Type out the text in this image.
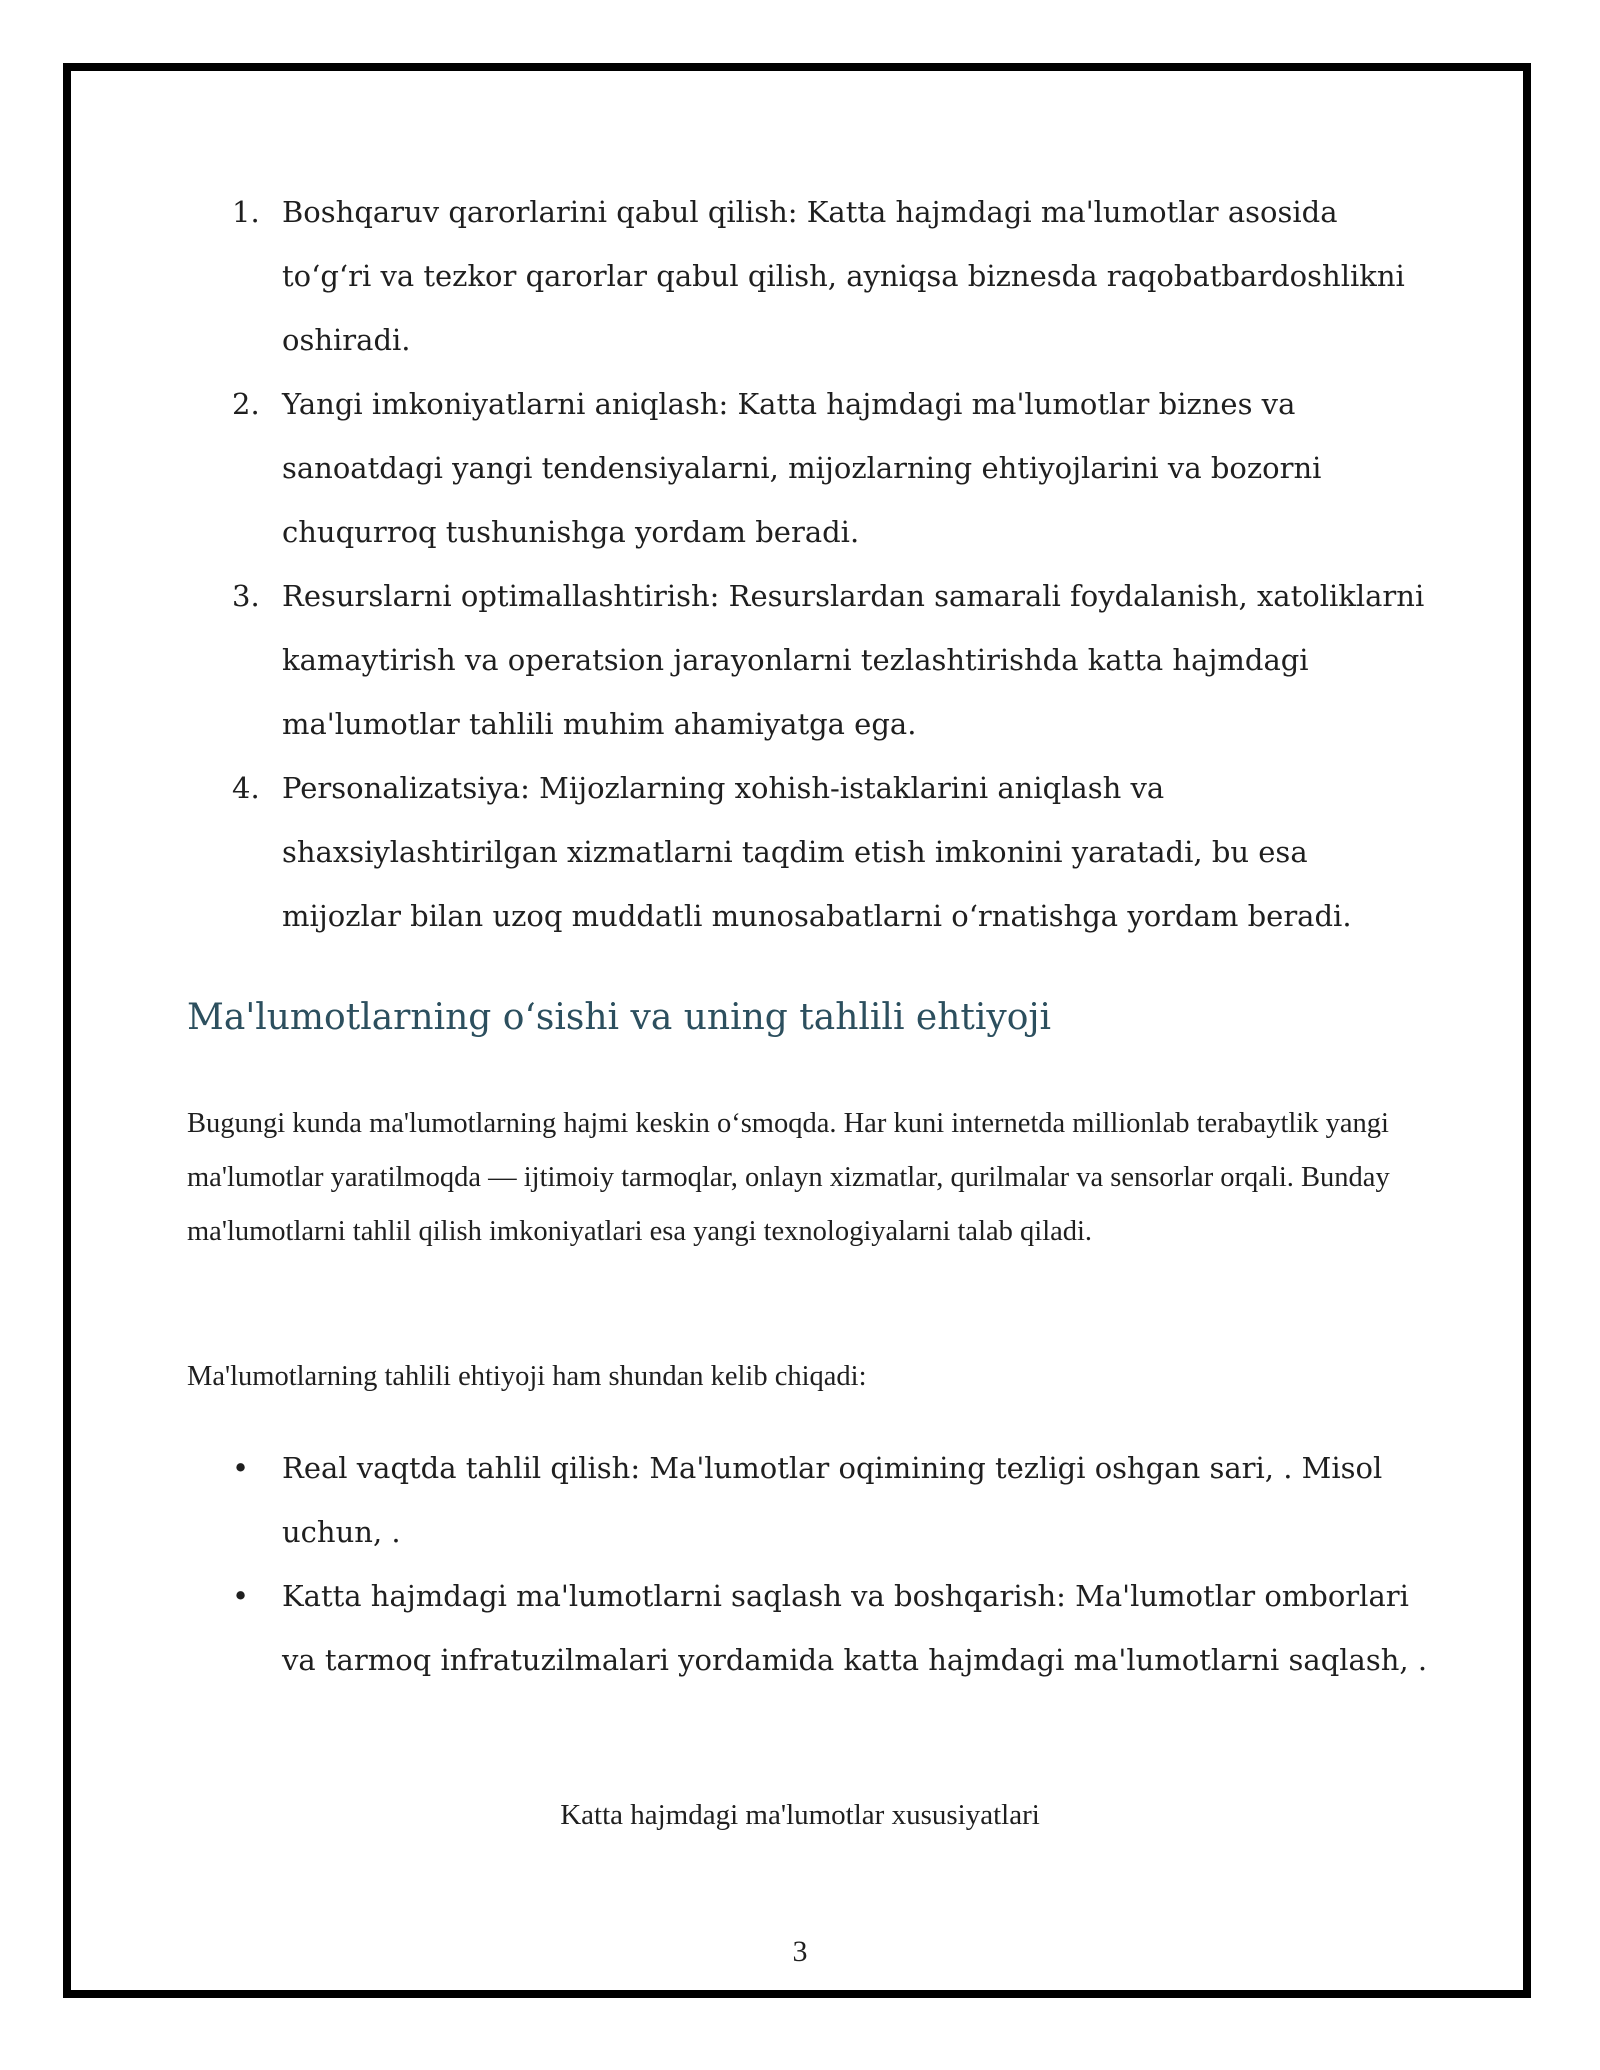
1. Boshqaruv qarorlarini qabul qilish: Katta hajmdagi ma'lumotlar asosida to‘g‘ri va tezkor qarorlar qabul qilish, ayniqsa biznesda raqobatbardoshlikni oshiradi.
2. Yangi imkoniyatlarni aniqlash: Katta hajmdagi ma'lumotlar biznes va sanoatdagi yangi tendensiyalarni, mijozlarning ehtiyojlarini va bozorni chuqurroq tushunishga yordam beradi.
3. Resurslarni optimallashtirish: Resurslardan samarali foydalanish, xatoliklarni kamaytirish va operatsion jarayonlarni tezlashtirishda katta hajmdagi ma'lumotlar tahlili muhim ahamiyatga ega.
4. Personalizatsiya: Mijozlarning xohish-istaklarini aniqlash va shaxsiylashtirilgan xizmatlarni taqdim etish imkonini yaratadi, bu esa mijozlar bilan uzoq muddatli munosabatlarni o‘rnatishga yordam beradi.
Ma'lumotlarning o‘sishi va uning tahlili ehtiyoji

Bugungi kunda ma'lumotlarning hajmi keskin o‘smoqda. Har kuni internetda millionlab terabaytlik yangi ma'lumotlar yaratilmoqda — ijtimoiy tarmoqlar, onlayn xizmatlar, qurilmalar va sensorlar orqali. Bunday ma'lumotlarni tahlil qilish imkoniyatlari esa yangi texnologiyalarni talab qiladi.

Ma'lumotlarning tahlili ehtiyoji ham shundan kelib chiqadi:

• Real vaqtda tahlil qilish: Ma'lumotlar oqimining tezligi oshgan sari, . Misol uchun, .
• Katta hajmdagi ma'lumotlarni saqlash va boshqarish: Ma'lumotlar omborlari va tarmoq infratuzilmalari yordamida katta hajmdagi ma'lumotlarni saqlash, .

Katta hajmdagi ma'lumotlar xususiyatlari

3
